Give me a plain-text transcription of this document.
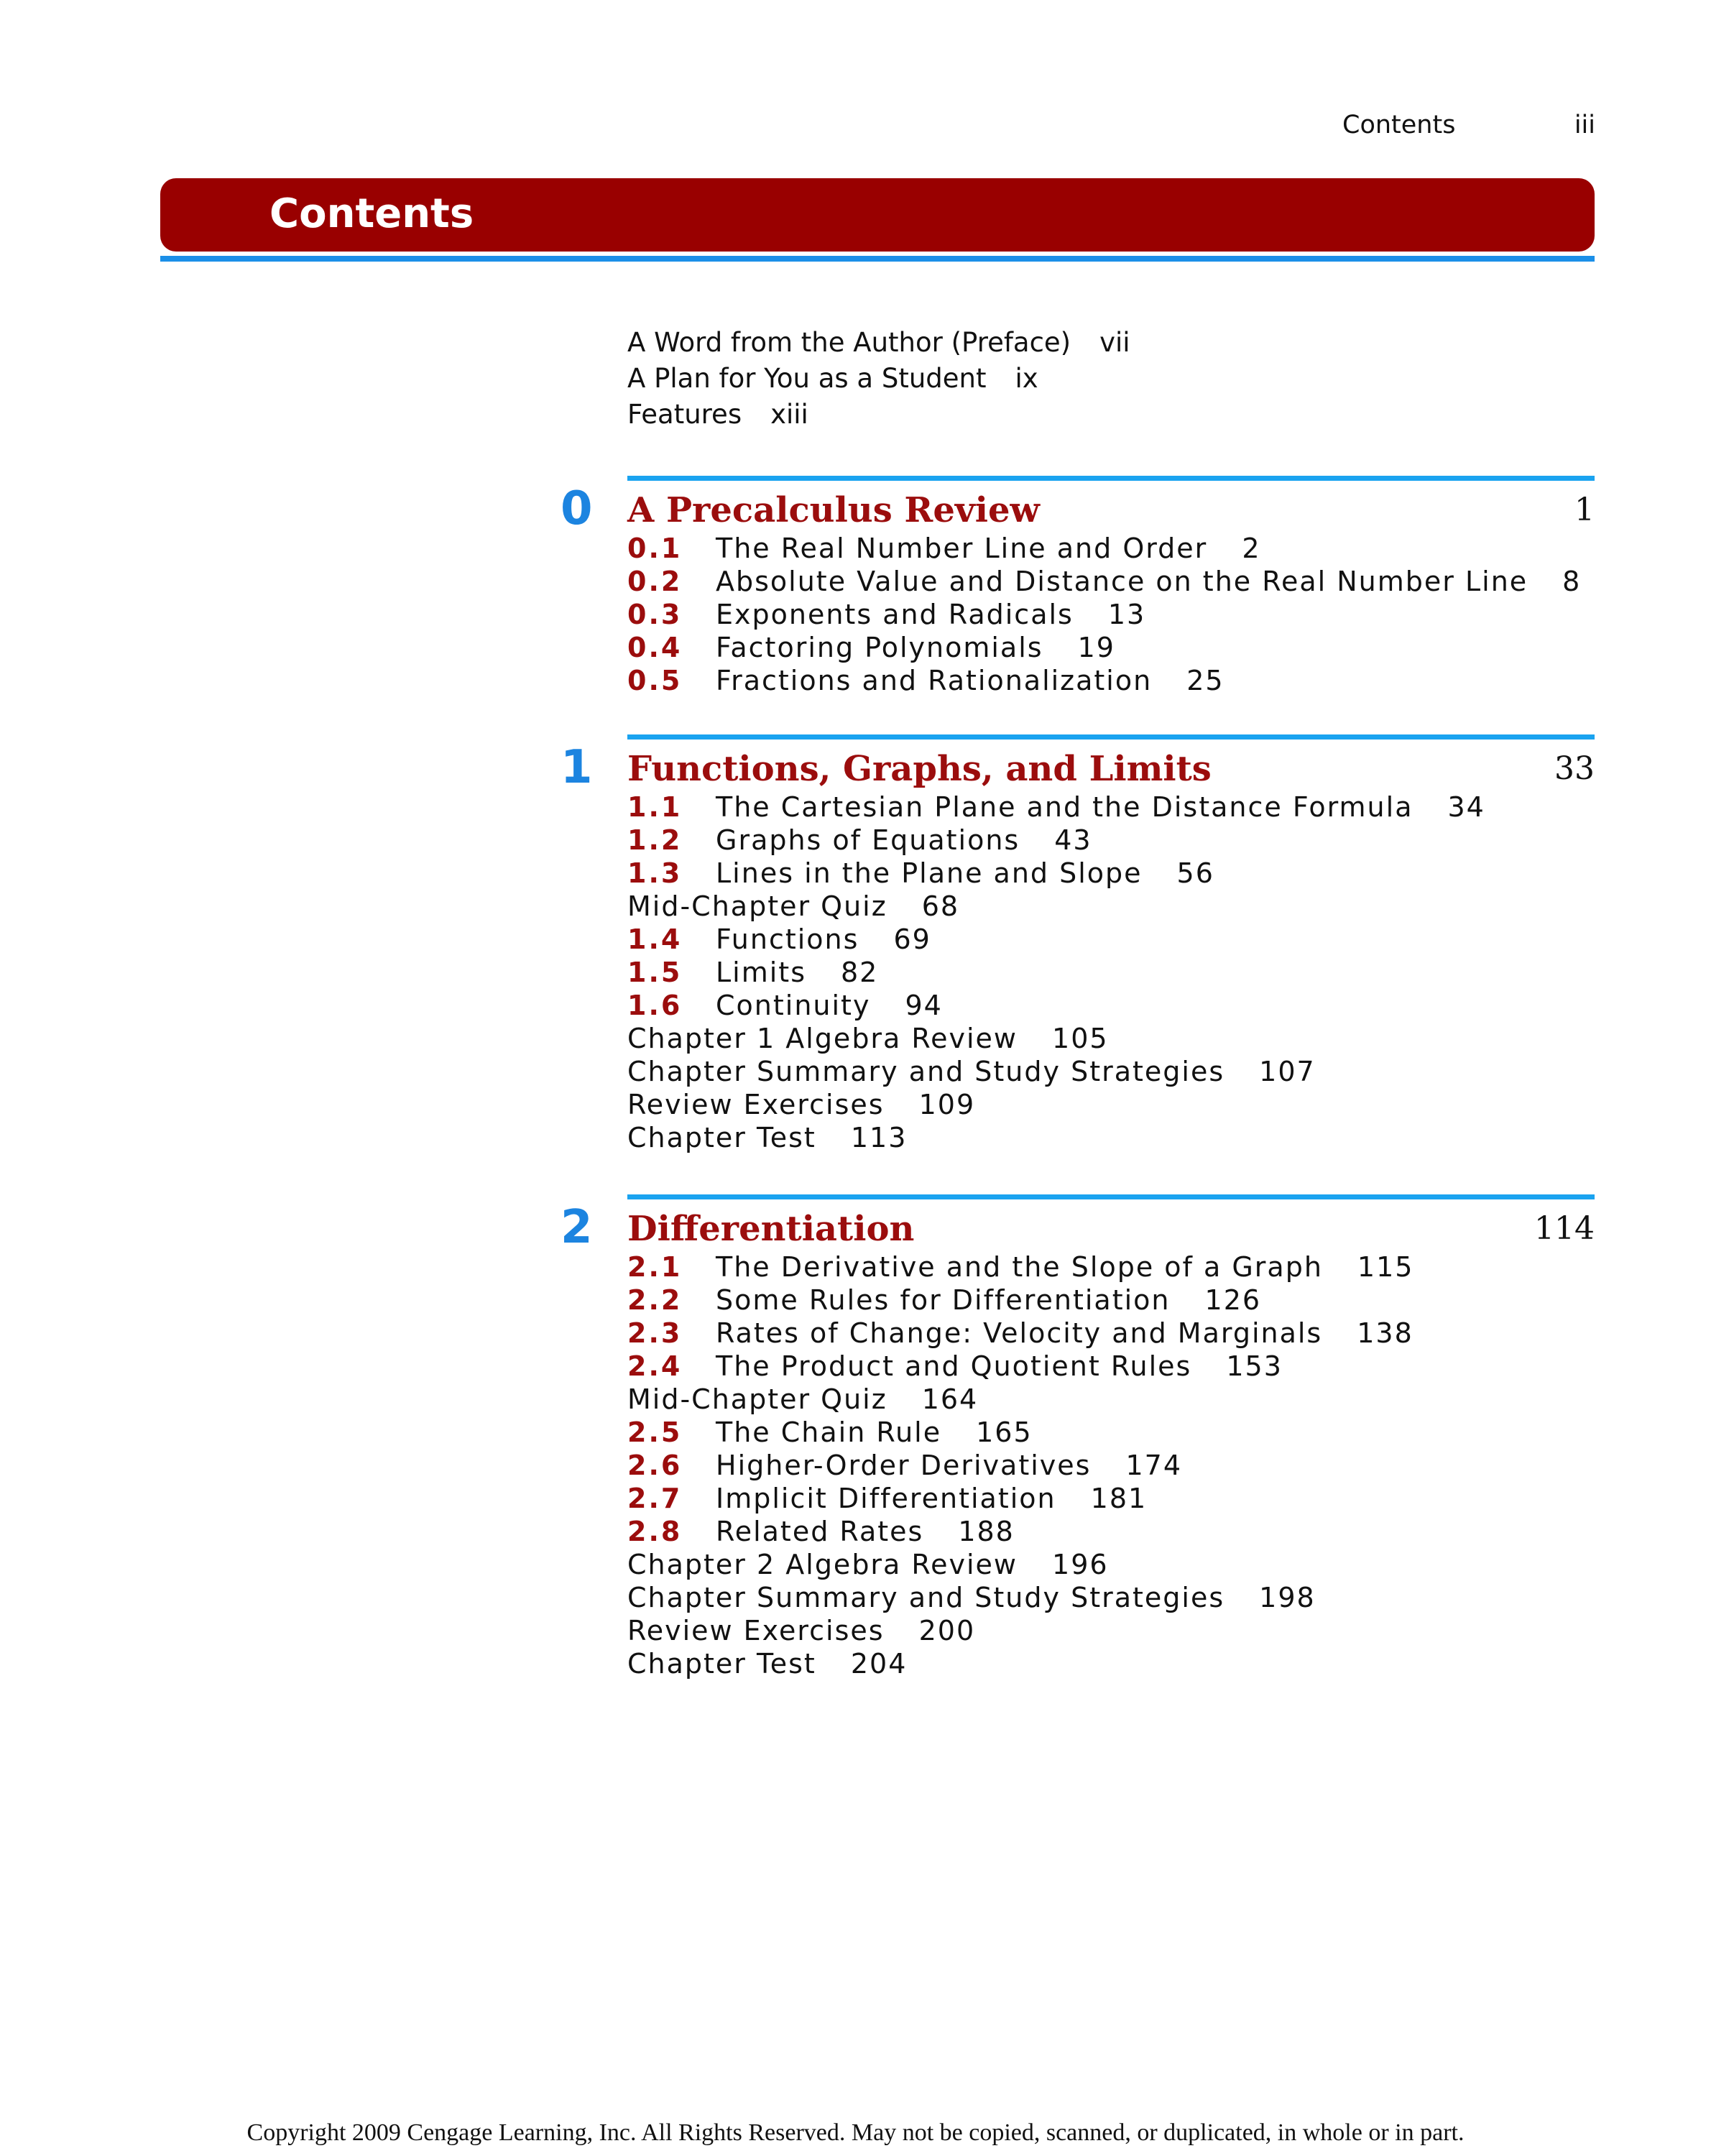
Contents	iii
Contents
A Word from the Author (Preface) vii
A Plan for You as a Student ix
Features xiii
0	A Precalculus Review	1
0.1 The Real Number Line and Order 2
0.2 Absolute Value and Distance on the Real Number Line 8
0.3 Exponents and Radicals 13
0.4 Factoring Polynomials 19
0.5 Fractions and Rationalization 25
1	Functions, Graphs, and Limits	33
1.1 The Cartesian Plane and the Distance Formula 34
1.2 Graphs of Equations 43
1.3 Lines in the Plane and Slope 56
Mid-Chapter Quiz 68
1.4 Functions 69
1.5 Limits 82
1.6 Continuity 94
Chapter 1 Algebra Review 105
Chapter Summary and Study Strategies 107
Review Exercises 109
Chapter Test 113
2	Differentiation	114
2.1 The Derivative and the Slope of a Graph 115
2.2 Some Rules for Differentiation 126
2.3 Rates of Change: Velocity and Marginals 138
2.4 The Product and Quotient Rules 153
Mid-Chapter Quiz 164
2.5 The Chain Rule 165
2.6 Higher-Order Derivatives 174
2.7 Implicit Differentiation 181
2.8 Related Rates 188
Chapter 2 Algebra Review 196
Chapter Summary and Study Strategies 198
Review Exercises 200
Chapter Test 204
Copyright 2009 Cengage Learning, Inc. All Rights Reserved. May not be copied, scanned, or duplicated, in whole or in part.
